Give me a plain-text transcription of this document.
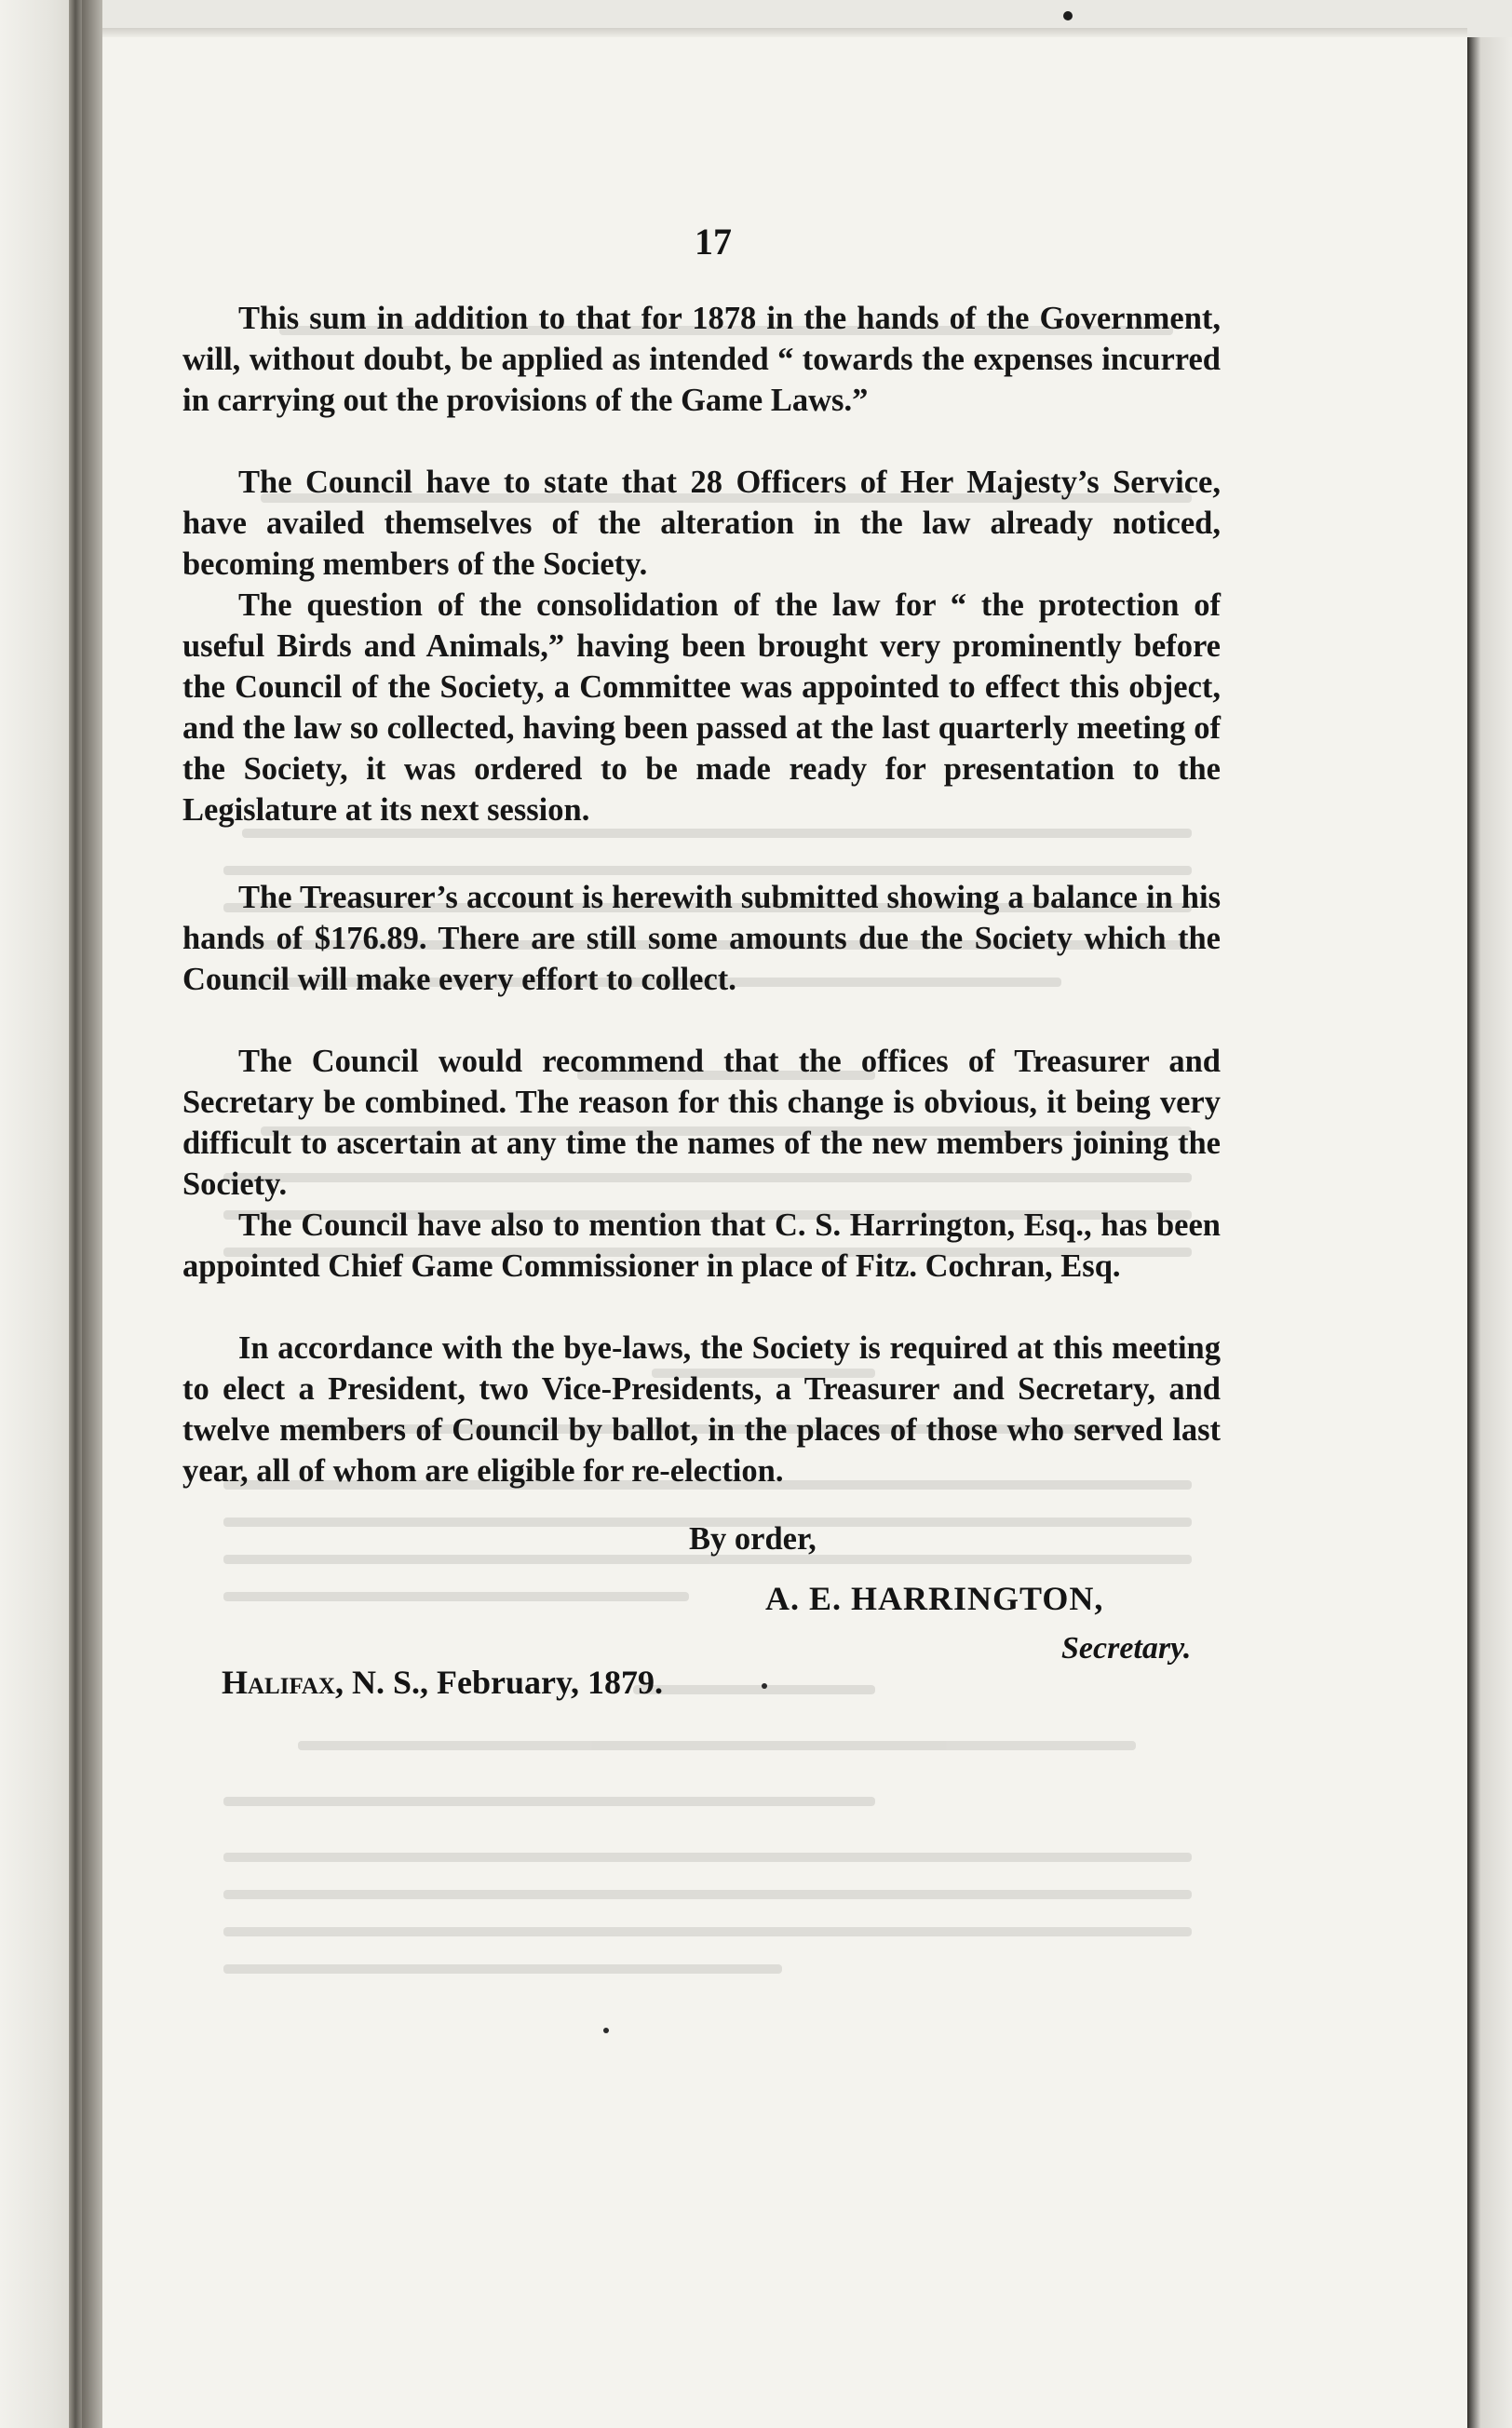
17

This sum in addition to that for 1878 in the hands of the Government, will, without doubt, be applied as intended “ towards the expenses incurred in carrying out the provisions of the Game Laws.”

The Council have to state that 28 Officers of Her Majesty’s Service, have availed themselves of the alteration in the law already noticed, becoming members of the Society.

The question of the consolidation of the law for “ the protection of useful Birds and Animals,” having been brought very prominently before the Council of the Society, a Committee was appointed to effect this object, and the law so collected, having been passed at the last quarterly meeting of the Society, it was ordered to be made ready for presentation to the Legislature at its next session.

The Treasurer’s account is herewith submitted showing a balance in his hands of $176.89. There are still some amounts due the Society which the Council will make every effort to collect.

The Council would recommend that the offices of Treasurer and Secretary be combined. The reason for this change is obvious, it being very difficult to ascertain at any time the names of the new members joining the Society.

The Council have also to mention that C. S. Harrington, Esq., has been appointed Chief Game Commissioner in place of Fitz. Cochran, Esq.

In accordance with the bye-laws, the Society is required at this meeting to elect a President, two Vice-Presidents, a Treasurer and Secretary, and twelve members of Council by ballot, in the places of those who served last year, all of whom are eligible for re-election.

By order,
A. E. HARRINGTON,
Secretary.
Halifax, N. S., February, 1879.
